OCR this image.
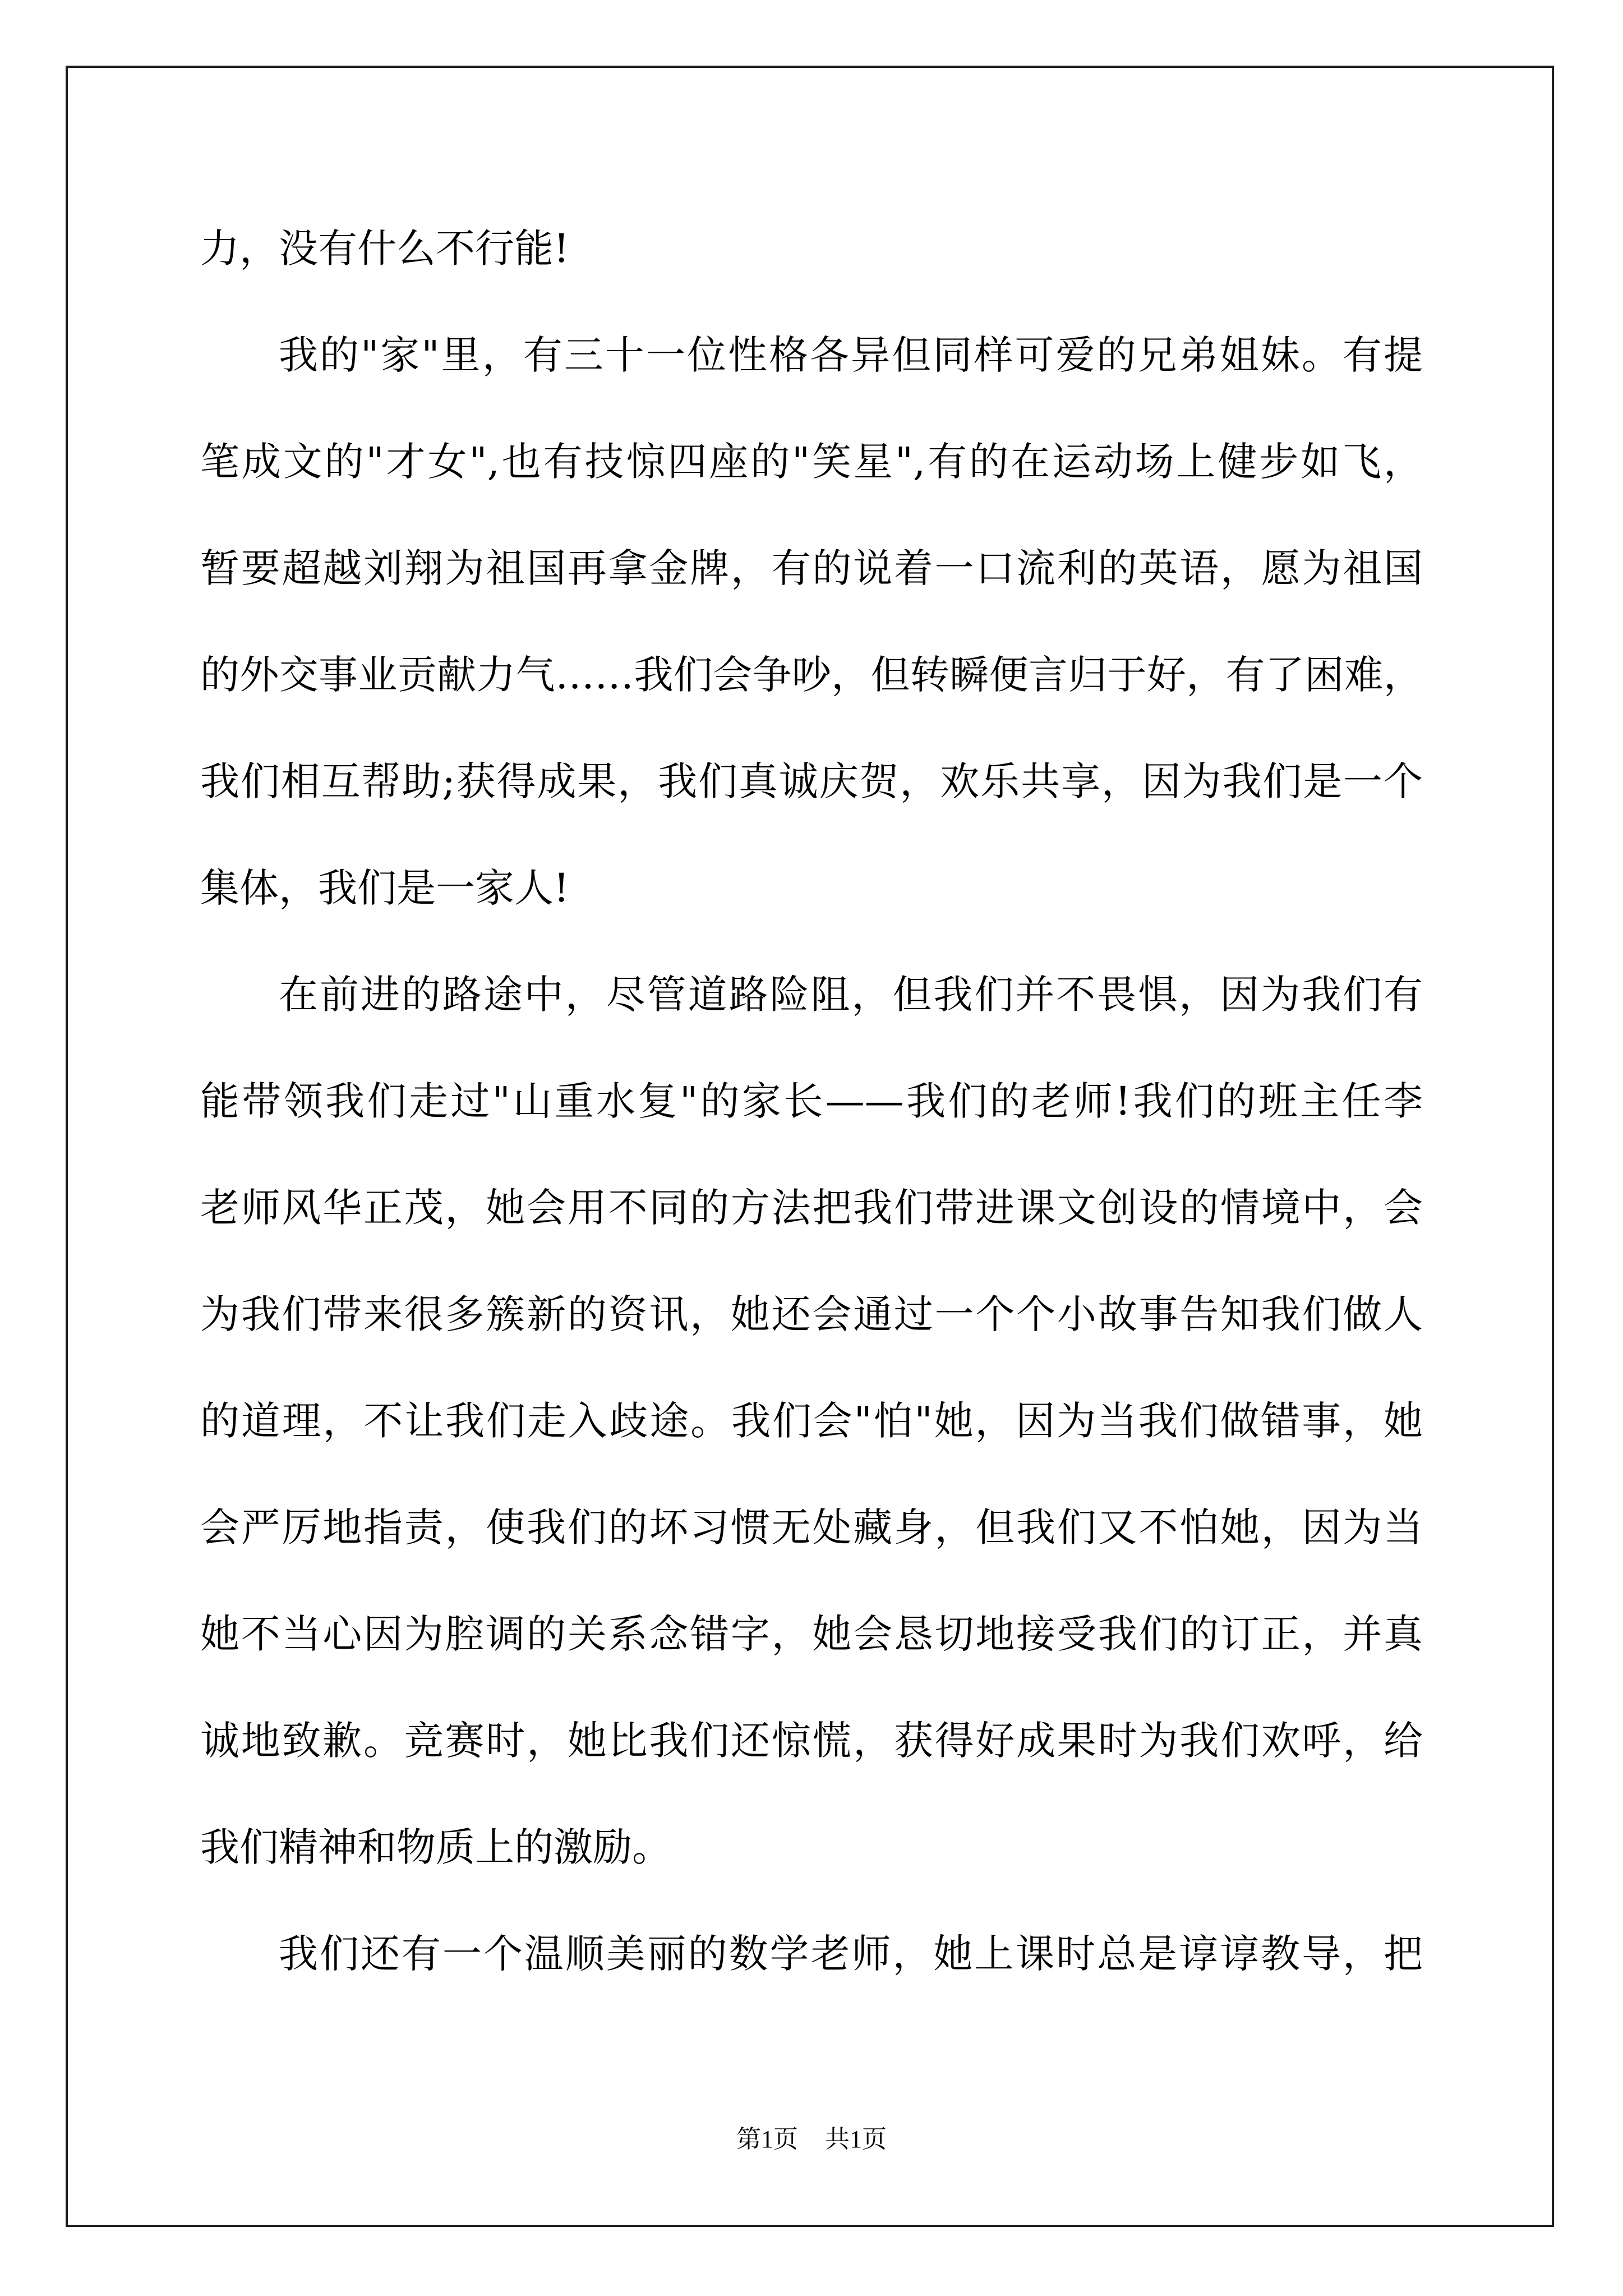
力，没有什么不行能!
我的"家"里，有三十一位性格各异但同样可爱的兄弟姐妹。有提
笔成文的"才女",也有技惊四座的"笑星",有的在运动场上健步如飞，
暂要超越刘翔为祖国再拿金牌，有的说着一口流利的英语，愿为祖国
的外交事业贡献力气……我们会争吵，但转瞬便言归于好，有了困难，
我们相互帮助;获得成果，我们真诚庆贺，欢乐共享，因为我们是一个
集体，我们是一家人!
在前进的路途中，尽管道路险阻，但我们并不畏惧，因为我们有
能带领我们走过"山重水复"的家长——我们的老师!我们的班主任李
老师风华正茂，她会用不同的方法把我们带进课文创设的情境中，会
为我们带来很多簇新的资讯，她还会通过一个个小故事告知我们做人
的道理，不让我们走入歧途。我们会"怕"她，因为当我们做错事，她
会严厉地指责，使我们的坏习惯无处藏身，但我们又不怕她，因为当
她不当心因为腔调的关系念错字，她会恳切地接受我们的订正，并真
诚地致歉。竞赛时，她比我们还惊慌，获得好成果时为我们欢呼，给
我们精神和物质上的激励。
我们还有一个温顺美丽的数学老师，她上课时总是谆谆教导，把
第1页 共1页
